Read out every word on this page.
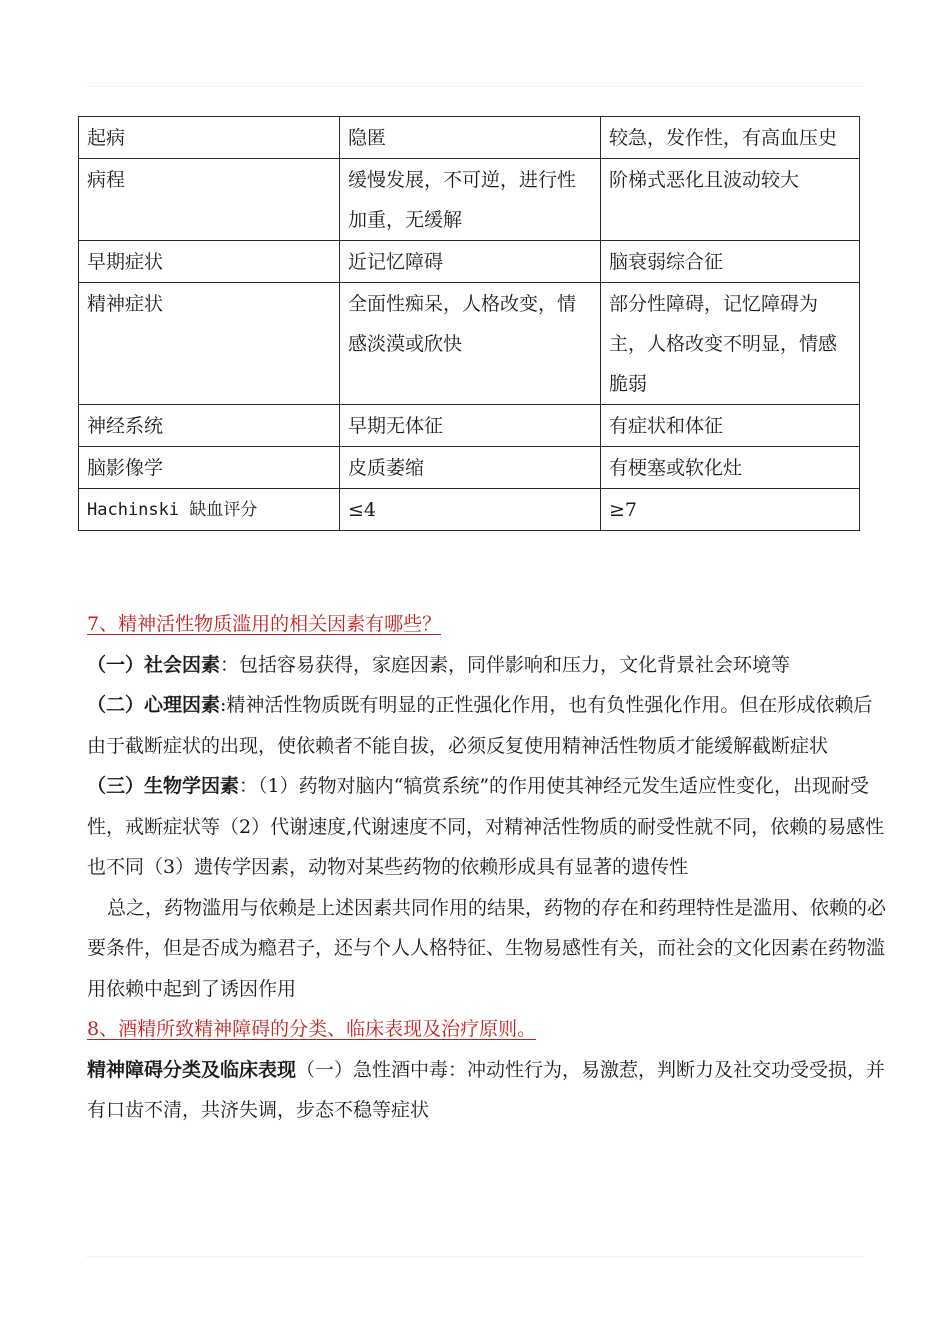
起病	隐匿	较急，发作性，有高血压史
病程	缓慢发展，不可逆，进行性加重，无缓解	阶梯式恶化且波动较大
早期症状	近记忆障碍	脑衰弱综合征
精神症状	全面性痴呆，人格改变，情感淡漠或欣快	部分性障碍，记忆障碍为主，人格改变不明显，情感脆弱
神经系统	早期无体征	有症状和体征
脑影像学	皮质萎缩	有梗塞或软化灶
Hachinski 缺血评分	≤4	≥7

7、精神活性物质滥用的相关因素有哪些？

（一）社会因素：包括容易获得，家庭因素，同伴影响和压力，文化背景社会环境等

（二）心理因素:精神活性物质既有明显的正性强化作用，也有负性强化作用。但在形成依赖后由于截断症状的出现，使依赖者不能自拔，必须反复使用精神活性物质才能缓解截断症状

（三）生物学因素：（1）药物对脑内“犒赏系统”的作用使其神经元发生适应性变化，出现耐受性，戒断症状等（2）代谢速度,代谢速度不同，对精神活性物质的耐受性就不同，依赖的易感性也不同（3）遗传学因素，动物对某些药物的依赖形成具有显著的遗传性

总之，药物滥用与依赖是上述因素共同作用的结果，药物的存在和药理特性是滥用、依赖的必要条件，但是否成为瘾君子，还与个人人格特征、生物易感性有关，而社会的文化因素在药物滥用依赖中起到了诱因作用

8、酒精所致精神障碍的分类、临床表现及治疗原则。

精神障碍分类及临床表现（一）急性酒中毒：冲动性行为，易激惹，判断力及社交功受受损，并有口齿不清，共济失调，步态不稳等症状
